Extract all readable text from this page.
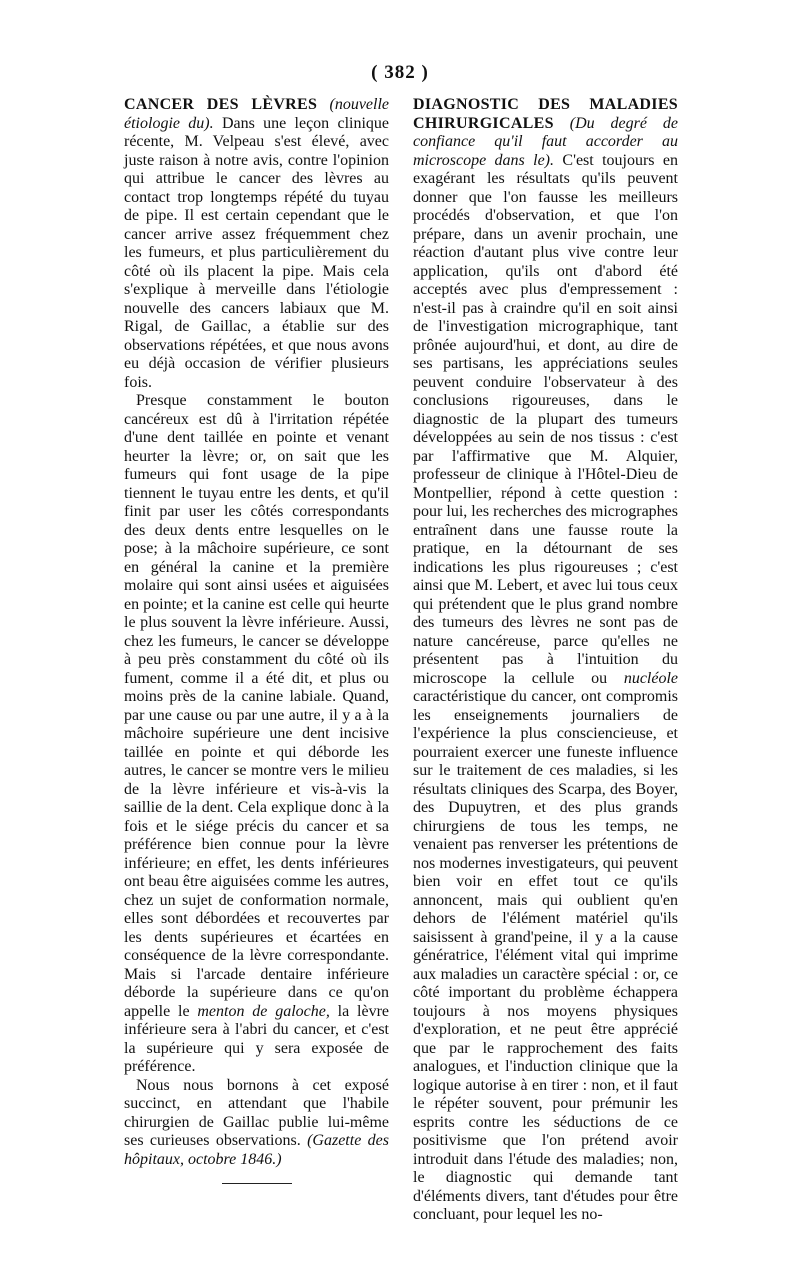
( 382 )

CANCER DES LÈVRES (nouvelle étiologie du). Dans une leçon clinique récente, M. Velpeau s'est élevé, avec juste raison à notre avis, contre l'opinion qui attribue le cancer des lèvres au contact trop longtemps répété du tuyau de pipe. Il est certain cependant que le cancer arrive assez fréquemment chez les fumeurs, et plus particulièrement du côté où ils placent la pipe. Mais cela s'explique à merveille dans l'étiologie nouvelle des cancers labiaux que M. Rigal, de Gaillac, a établie sur des observations répétées, et que nous avons eu déjà occasion de vérifier plusieurs fois.

Presque constamment le bouton cancéreux est dû à l'irritation répétée d'une dent taillée en pointe et venant heurter la lèvre; or, on sait que les fumeurs qui font usage de la pipe tiennent le tuyau entre les dents, et qu'il finit par user les côtés correspondants des deux dents entre lesquelles on le pose; à la mâchoire supérieure, ce sont en général la canine et la première molaire qui sont ainsi usées et aiguisées en pointe; et la canine est celle qui heurte le plus souvent la lèvre inférieure. Aussi, chez les fumeurs, le cancer se développe à peu près constamment du côté où ils fument, comme il a été dit, et plus ou moins près de la canine labiale. Quand, par une cause ou par une autre, il y a à la mâchoire supérieure une dent incisive taillée en pointe et qui déborde les autres, le cancer se montre vers le milieu de la lèvre inférieure et vis-à-vis la saillie de la dent. Cela explique donc à la fois et le siége précis du cancer et sa préférence bien connue pour la lèvre inférieure; en effet, les dents inférieures ont beau être aiguisées comme les autres, chez un sujet de conformation normale, elles sont débordées et recouvertes par les dents supérieures et écartées en conséquence de la lèvre correspondante. Mais si l'arcade dentaire inférieure déborde la supérieure dans ce qu'on appelle le menton de galoche, la lèvre inférieure sera à l'abri du cancer, et c'est la supérieure qui y sera exposée de préférence.

Nous nous bornons à cet exposé succinct, en attendant que l'habile chirurgien de Gaillac publie lui-même ses curieuses observations. (Gazette des hôpitaux, octobre 1846.)

DIAGNOSTIC DES MALADIES CHIRURGICALES (Du degré de confiance qu'il faut accorder au microscope dans le). C'est toujours en exagérant les résultats qu'ils peuvent donner que l'on fausse les meilleurs procédés d'observation, et que l'on prépare, dans un avenir prochain, une réaction d'autant plus vive contre leur application, qu'ils ont d'abord été acceptés avec plus d'empressement : n'est-il pas à craindre qu'il en soit ainsi de l'investigation micrographique, tant prônée aujourd'hui, et dont, au dire de ses partisans, les appréciations seules peuvent conduire l'observateur à des conclusions rigoureuses, dans le diagnostic de la plupart des tumeurs développées au sein de nos tissus : c'est par l'affirmative que M. Alquier, professeur de clinique à l'Hôtel-Dieu de Montpellier, répond à cette question : pour lui, les recherches des micrographes entraînent dans une fausse route la pratique, en la détournant de ses indications les plus rigoureuses ; c'est ainsi que M. Lebert, et avec lui tous ceux qui prétendent que le plus grand nombre des tumeurs des lèvres ne sont pas de nature cancéreuse, parce qu'elles ne présentent pas à l'intuition du microscope la cellule ou nucléole caractéristique du cancer, ont compromis les enseignements journaliers de l'expérience la plus consciencieuse, et pourraient exercer une funeste influence sur le traitement de ces maladies, si les résultats cliniques des Scarpa, des Boyer, des Dupuytren, et des plus grands chirurgiens de tous les temps, ne venaient pas renverser les prétentions de nos modernes investigateurs, qui peuvent bien voir en effet tout ce qu'ils annoncent, mais qui oublient qu'en dehors de l'élément matériel qu'ils saisissent à grand'peine, il y a la cause génératrice, l'élément vital qui imprime aux maladies un caractère spécial : or, ce côté important du problème échappera toujours à nos moyens physiques d'exploration, et ne peut être apprécié que par le rapprochement des faits analogues, et l'induction clinique que la logique autorise à en tirer : non, et il faut le répéter souvent, pour prémunir les esprits contre les séductions de ce positivisme que l'on prétend avoir introduit dans l'étude des maladies; non, le diagnostic qui demande tant d'éléments divers, tant d'études pour être concluant, pour lequel les no-
